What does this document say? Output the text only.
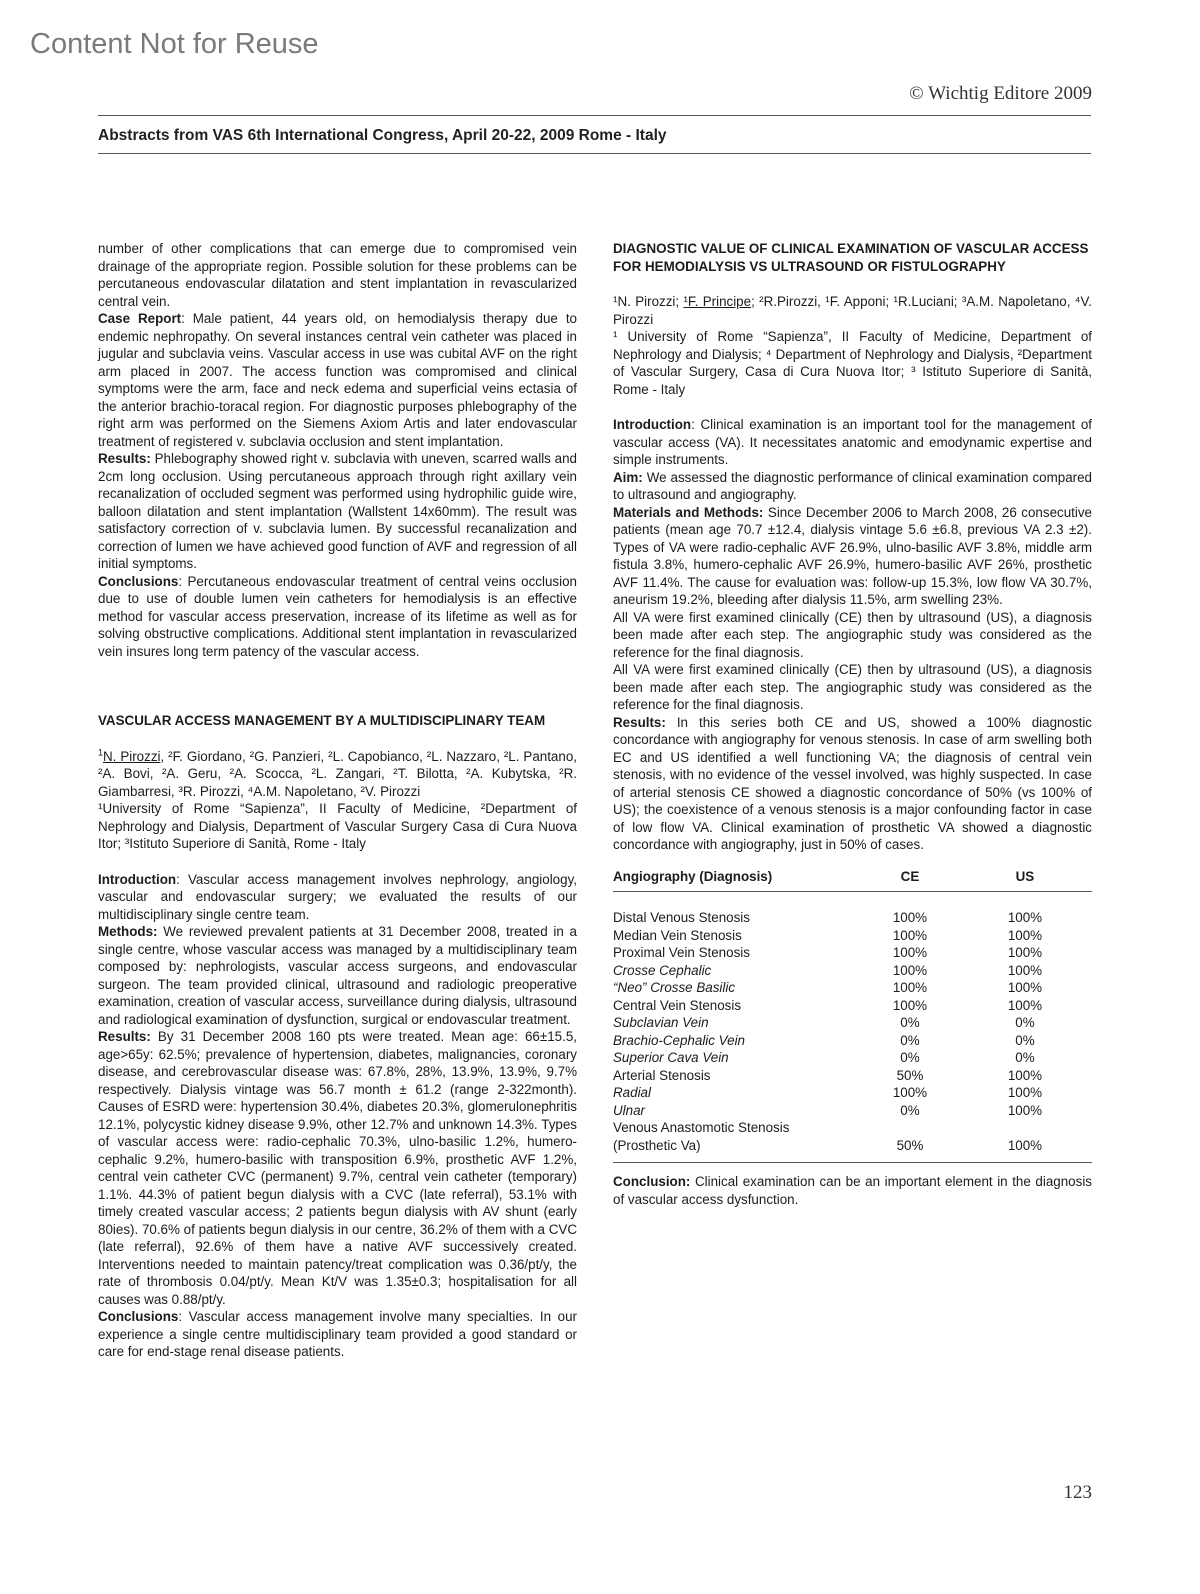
Content Not for Reuse
© Wichtig Editore 2009
Abstracts from VAS 6th International Congress, April 20-22, 2009 Rome - Italy

number of other complications that can emerge due to compromised vein drainage of the appropriate region. Possible solution for these problems can be percutaneous endovascular dilatation and stent implantation in revascularized central vein.

Case Report: Male patient, 44 years old, on hemodialysis therapy due to endemic nephropathy. On several instances central vein catheter was placed in jugular and subclavia veins. Vascular access in use was cubital AVF on the right arm placed in 2007. The access function was compromised and clinical symptoms were the arm, face and neck edema and superficial veins ectasia of the anterior brachio-toracal region. For diagnostic purposes phlebography of the right arm was performed on the Siemens Axiom Artis and later endovascular treatment of registered v. subclavia occlusion and stent implantation.

Results: Phlebography showed right v. subclavia with uneven, scarred walls and 2cm long occlusion. Using percutaneous approach through right axillary vein recanalization of occluded segment was performed using hydrophilic guide wire, balloon dilatation and stent implantation (Wallstent 14x60mm). The result was satisfactory correction of v. subclavia lumen. By successful recanalization and correction of lumen we have achieved good function of AVF and regression of all initial symptoms.

Conclusions: Percutaneous endovascular treatment of central veins occlusion due to use of double lumen vein catheters for hemodialysis is an effective method for vascular access preservation, increase of its lifetime as well as for solving obstructive complications. Additional stent implantation in revascularized vein insures long term patency of the vascular access.

VASCULAR ACCESS MANAGEMENT BY A MULTIDISCIPLINARY TEAM

$^1$N. Pirozzi, ²F. Giordano, ²G. Panzieri, ²L. Capobianco, ²L. Nazzaro, ²L. Pantano, ²A. Bovi, ²A. Geru, ²A. Scocca, ²L. Zangari, ²T. Bilotta, ²A. Kubytska, ²R. Giambarresi, ³R. Pirozzi, ⁴A.M. Napoletano, ²V. Pirozzi

¹University of Rome “Sapienza”, II Faculty of Medicine, ²Department of Nephrology and Dialysis, Department of Vascular Surgery Casa di Cura Nuova Itor; ³Istituto Superiore di Sanità, Rome - Italy

Introduction: Vascular access management involves nephrology, angiology, vascular and endovascular surgery; we evaluated the results of our multidisciplinary single centre team.

Methods: We reviewed prevalent patients at 31 December 2008, treated in a single centre, whose vascular access was managed by a multidisciplinary team composed by: nephrologists, vascular access surgeons, and endovascular surgeon. The team provided clinical, ultrasound and radiologic preoperative examination, creation of vascular access, surveillance during dialysis, ultrasound and radiological examination of dysfunction, surgical or endovascular treatment.

Results: By 31 December 2008 160 pts were treated. Mean age: 66±15.5, age>65y: 62.5%; prevalence of hypertension, diabetes, malignancies, coronary disease, and cerebrovascular disease was: 67.8%, 28%, 13.9%, 13.9%, 9.7% respectively. Dialysis vintage was 56.7 month ± 61.2 (range 2-322month). Causes of ESRD were: hypertension 30.4%, diabetes 20.3%, glomerulonephritis 12.1%, polycystic kidney disease 9.9%, other 12.7% and unknown 14.3%. Types of vascular access were: radio-cephalic 70.3%, ulno-basilic 1.2%, humero-cephalic 9.2%, humero-basilic with transposition 6.9%, prosthetic AVF 1.2%, central vein catheter CVC (permanent) 9.7%, central vein catheter (temporary) 1.1%. 44.3% of patient begun dialysis with a CVC (late referral), 53.1% with timely created vascular access; 2 patients begun dialysis with AV shunt (early 80ies). 70.6% of patients begun dialysis in our centre, 36.2% of them with a CVC (late referral), 92.6% of them have a native AVF successively created. Interventions needed to maintain patency/treat complication was 0.36/pt/y, the rate of thrombosis 0.04/pt/y. Mean Kt/V was 1.35±0.3; hospitalisation for all causes was 0.88/pt/y.

Conclusions: Vascular access management involve many specialties. In our experience a single centre multidisciplinary team provided a good standard or care for end-stage renal disease patients.

DIAGNOSTIC VALUE OF CLINICAL EXAMINATION OF VASCULAR ACCESS FOR HEMODIALYSIS VS ULTRASOUND OR FISTULOGRAPHY

¹N. Pirozzi; ¹F. Principe; ²R.Pirozzi, ¹F. Apponi; ¹R.Luciani; ³A.M. Napoletano, ⁴V. Pirozzi

¹ University of Rome “Sapienza”, II Faculty of Medicine, Department of Nephrology and Dialysis; ⁴ Department of Nephrology and Dialysis, ²Department of Vascular Surgery, Casa di Cura Nuova Itor; ³ Istituto Superiore di Sanità, Rome - Italy

Introduction: Clinical examination is an important tool for the management of vascular access (VA). It necessitates anatomic and emodynamic expertise and simple instruments.

Aim: We assessed the diagnostic performance of clinical examination compared to ultrasound and angiography.

Materials and Methods: Since December 2006 to March 2008, 26 consecutive patients (mean age 70.7 ±12.4, dialysis vintage 5.6 ±6.8, previous VA 2.3 ±2). Types of VA were radio-cephalic AVF 26.9%, ulno-basilic AVF 3.8%, middle arm fistula 3.8%, humero-cephalic AVF 26.9%, humero-basilic AVF 26%, prosthetic AVF 11.4%. The cause for evaluation was: follow-up 15.3%, low flow VA 30.7%, aneurism 19.2%, bleeding after dialysis 11.5%, arm swelling 23%.

All VA were first examined clinically (CE) then by ultrasound (US), a diagnosis been made after each step. The angiographic study was considered as the reference for the final diagnosis.

All VA were first examined clinically (CE) then by ultrasound (US), a diagnosis been made after each step. The angiographic study was considered as the reference for the final diagnosis.

Results: In this series both CE and US, showed a 100% diagnostic concordance with angiography for venous stenosis. In case of arm swelling both EC and US identified a well functioning VA; the diagnosis of central vein stenosis, with no evidence of the vessel involved, was highly suspected. In case of arterial stenosis CE showed a diagnostic concordance of 50% (vs 100% of US); the coexistence of a venous stenosis is a major confounding factor in case of low flow VA. Clinical examination of prosthetic VA showed a diagnostic concordance with angiography, just in 50% of cases.

Angiography (Diagnosis)	CE	US
Distal Venous Stenosis	100%	100%
Median Vein Stenosis	100%	100%
Proximal Vein Stenosis	100%	100%
Crosse Cephalic	100%	100%
“Neo” Crosse Basilic	100%	100%
Central Vein Stenosis	100%	100%
Subclavian Vein	0%	0%
Brachio-Cephalic Vein	0%	0%
Superior Cava Vein	0%	0%
Arterial Stenosis	50%	100%
Radial	100%	100%
Ulnar	0%	100%
Venous Anastomotic Stenosis		
(Prosthetic Va)	50%	100%

Conclusion: Clinical examination can be an important element in the diagnosis of vascular access dysfunction.

123
